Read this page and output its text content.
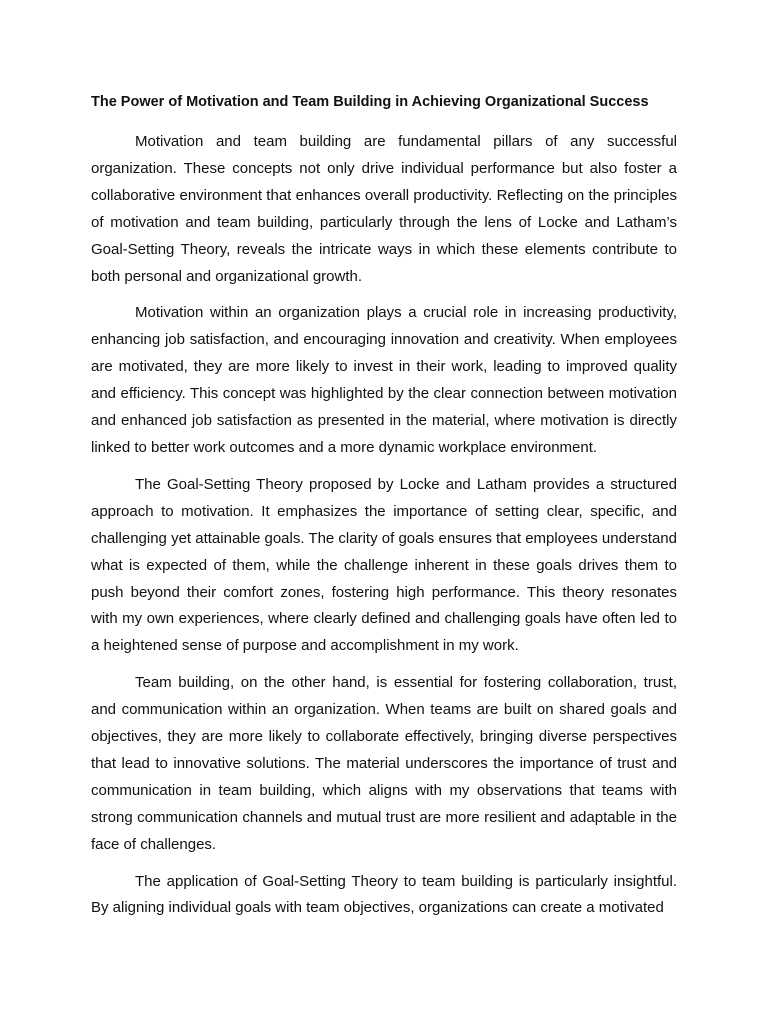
The Power of Motivation and Team Building in Achieving Organizational Success

Motivation and team building are fundamental pillars of any successful organization. These concepts not only drive individual performance but also foster a collaborative environment that enhances overall productivity. Reflecting on the principles of motivation and team building, particularly through the lens of Locke and Latham’s Goal-Setting Theory, reveals the intricate ways in which these elements contribute to both personal and organizational growth.

Motivation within an organization plays a crucial role in increasing productivity, enhancing job satisfaction, and encouraging innovation and creativity. When employees are motivated, they are more likely to invest in their work, leading to improved quality and efficiency. This concept was highlighted by the clear connection between motivation and enhanced job satisfaction as presented in the material, where motivation is directly linked to better work outcomes and a more dynamic workplace environment.

The Goal-Setting Theory proposed by Locke and Latham provides a structured approach to motivation. It emphasizes the importance of setting clear, specific, and challenging yet attainable goals. The clarity of goals ensures that employees understand what is expected of them, while the challenge inherent in these goals drives them to push beyond their comfort zones, fostering high performance. This theory resonates with my own experiences, where clearly defined and challenging goals have often led to a heightened sense of purpose and accomplishment in my work.

Team building, on the other hand, is essential for fostering collaboration, trust, and communication within an organization. When teams are built on shared goals and objectives, they are more likely to collaborate effectively, bringing diverse perspectives that lead to innovative solutions. The material underscores the importance of trust and communication in team building, which aligns with my observations that teams with strong communication channels and mutual trust are more resilient and adaptable in the face of challenges.

The application of Goal-Setting Theory to team building is particularly insightful. By aligning individual goals with team objectives, organizations can create a motivated
